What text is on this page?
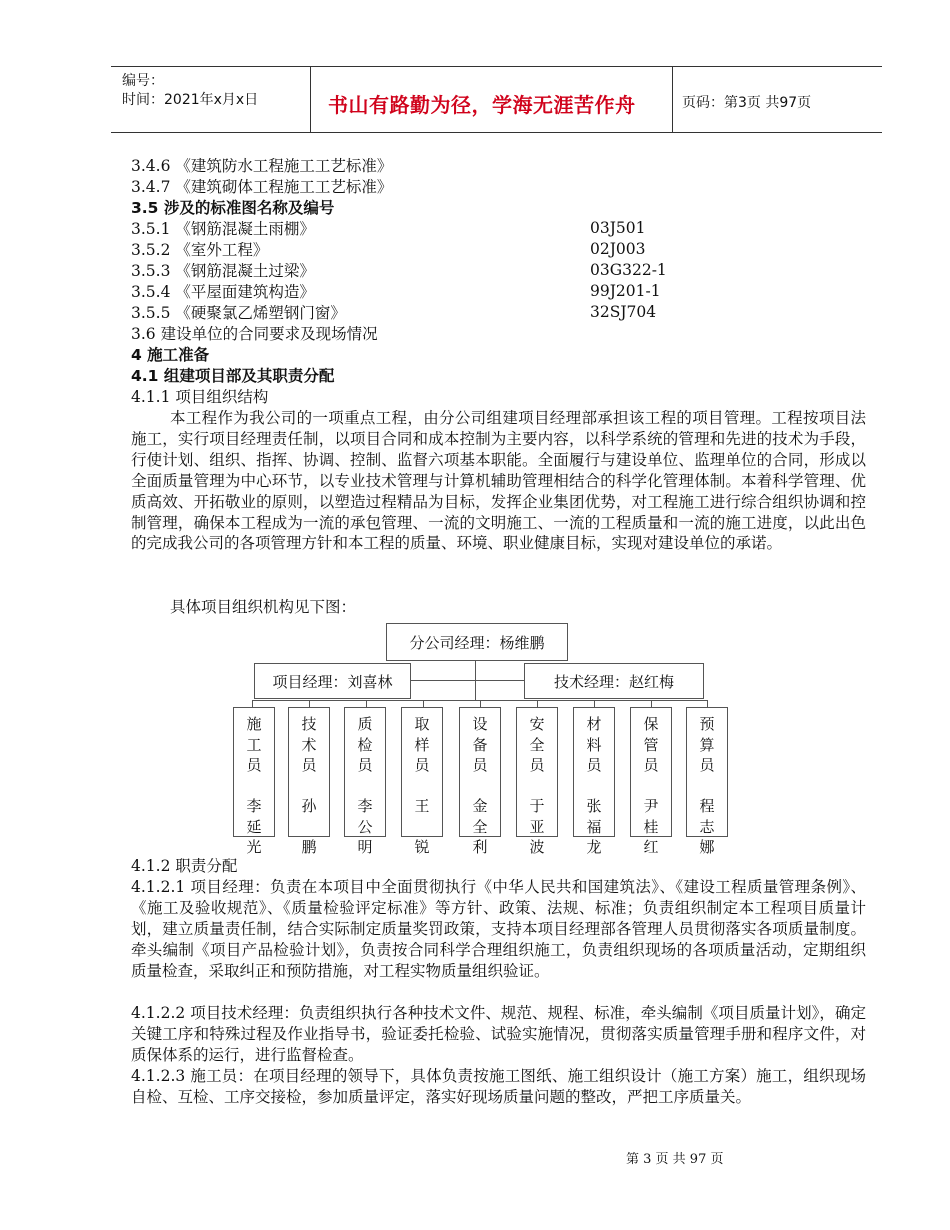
编号：
时间：2021年x月x日	书山有路勤为径，学海无涯苦作舟	页码：第3页 共97页
3.4.6 《建筑防水工程施工工艺标准》
3.4.7 《建筑砌体工程施工工艺标准》
3.5 涉及的标准图名称及编号
3.5.1 《钢筋混凝土雨棚》	03J501
3.5.2 《室外工程》	02J003
3.5.3 《钢筋混凝土过梁》	03G322-1
3.5.4 《平屋面建筑构造》	99J201-1
3.5.5 《硬聚氯乙烯塑钢门窗》	32SJ704
3.6 建设单位的合同要求及现场情况
4 施工准备
4.1 组建项目部及其职责分配
4.1.1 项目组织结构
本工程作为我公司的一项重点工程，由分公司组建项目经理部承担该工程的项目管理。工程按项目法施工，实行项目经理责任制，以项目合同和成本控制为主要内容，以科学系统的管理和先进的技术为手段，行使计划、组织、指挥、协调、控制、监督六项基本职能。全面履行与建设单位、监理单位的合同，形成以全面质量管理为中心环节，以专业技术管理与计算机辅助管理相结合的科学化管理体制。本着科学管理、优质高效、开拓敬业的原则，以塑造过程精品为目标，发挥企业集团优势，对工程施工进行综合组织协调和控制管理，确保本工程成为一流的承包管理、一流的文明施工、一流的工程质量和一流的施工进度，以此出色的完成我公司的各项管理方针和本工程的质量、环境、职业健康目标，实现对建设单位的承诺。
具体项目组织机构见下图：
分公司经理：杨维鹏
项目经理：刘喜林	技术经理：赵红梅
施
工
员
李
延
光
技
术
员
孙

鹏
质
检
员
李
公
明
取
样
员
王

锐
设
备
员
金
全
利
安
全
员
于
亚
波
材
料
员
张
福
龙
保
管
员
尹
桂
红
预
算
员
程
志
娜
4.1.2 职责分配
4.1.2.1 项目经理：负责在本项目中全面贯彻执行《中华人民共和国建筑法》、《建设工程质量管理条例》、《施工及验收规范》、《质量检验评定标准》等方针、政策、法规、标准；负责组织制定本工程项目质量计划，建立质量责任制，结合实际制定质量奖罚政策，支持本项目经理部各管理人员贯彻落实各项质量制度。牵头编制《项目产品检验计划》，负责按合同科学合理组织施工，负责组织现场的各项质量活动，定期组织质量检查，采取纠正和预防措施，对工程实物质量组织验证。
4.1.2.2 项目技术经理：负责组织执行各种技术文件、规范、规程、标准，牵头编制《项目质量计划》，确定关键工序和特殊过程及作业指导书，验证委托检验、试验实施情况，贯彻落实质量管理手册和程序文件，对质保体系的运行，进行监督检查。
4.1.2.3 施工员：在项目经理的领导下，具体负责按施工图纸、施工组织设计（施工方案）施工，组织现场自检、互检、工序交接检，参加质量评定，落实好现场质量问题的整改，严把工序质量关。
第 3 页 共 97 页
